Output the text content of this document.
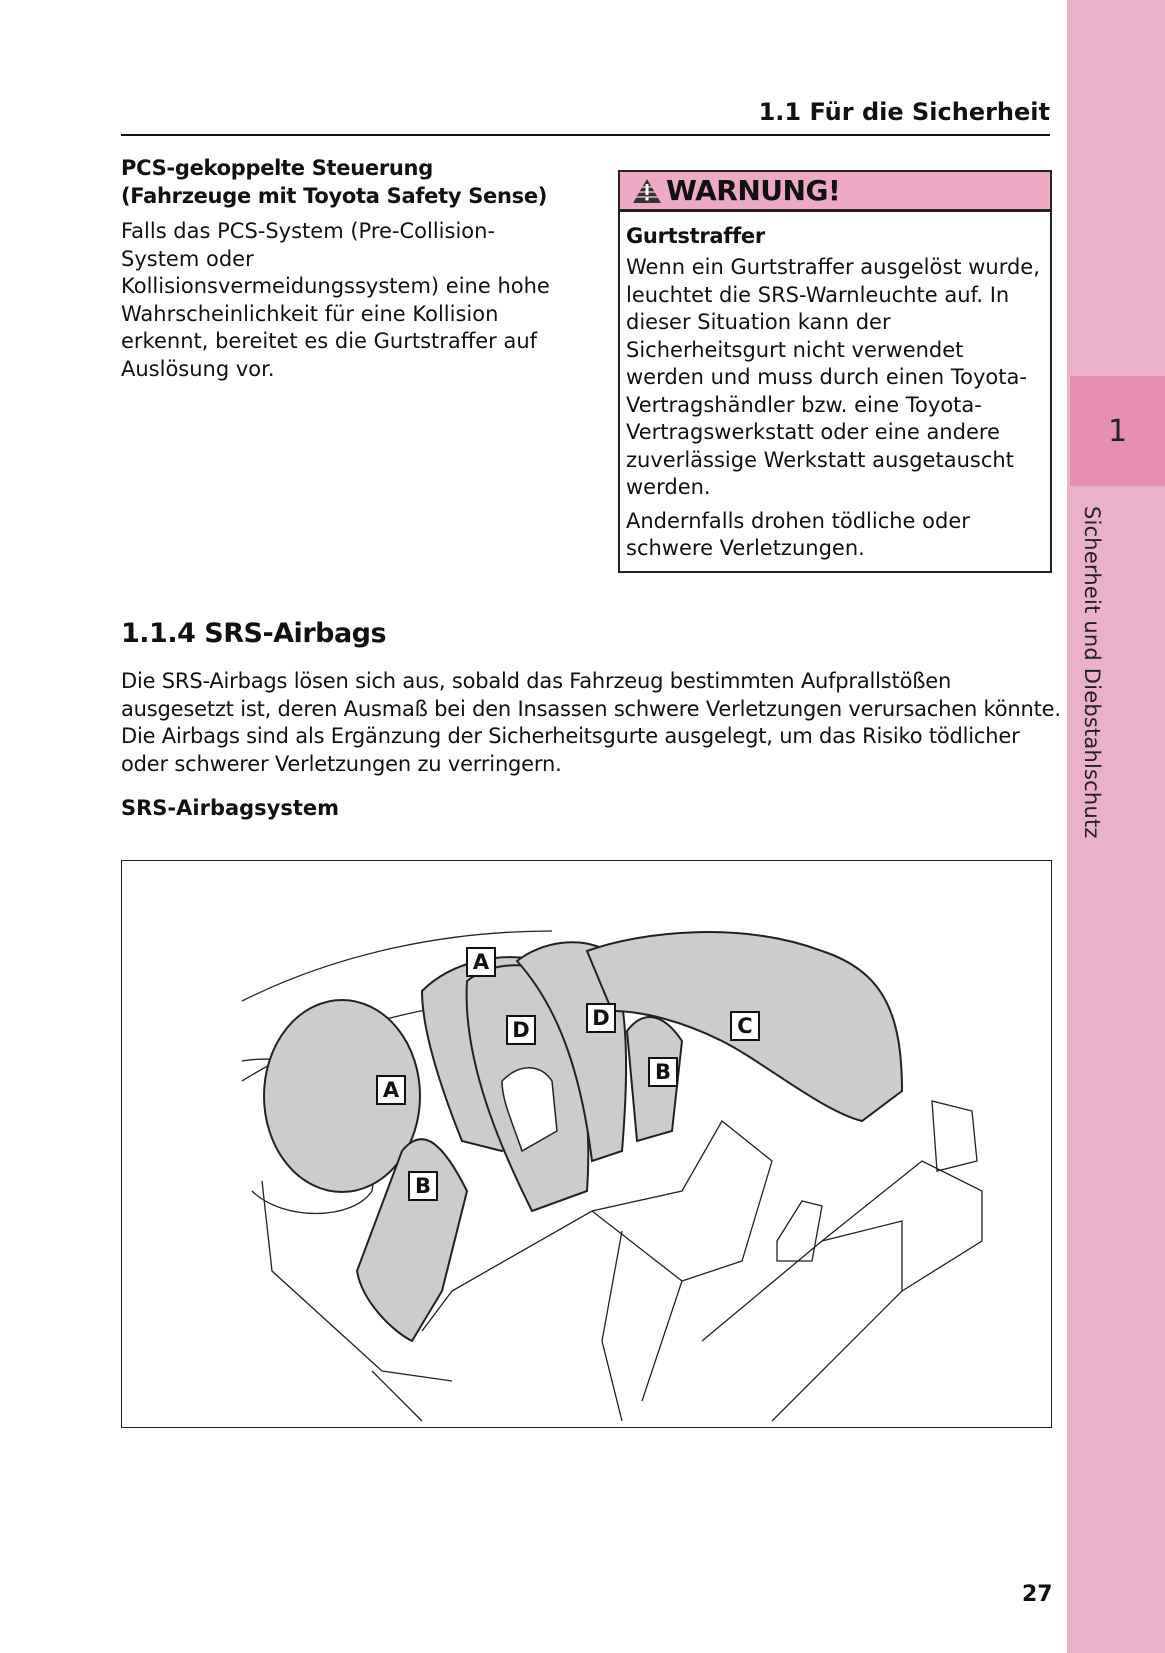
1
Sicherheit und Diebstahlschutz
1.1 Für die Sicherheit

PCS-gekoppelte Steuerung (Fahrzeuge mit Toyota Safety Sense)

Falls das PCS-System (Pre-Collision-System oder Kollisionsvermeidungssystem) eine hohe Wahrscheinlichkeit für eine Kollision erkennt, bereitet es die Gurtstraffer auf Auslösung vor.

WARNUNG!

Gurtstraffer

Wenn ein Gurtstraffer ausgelöst wurde, leuchtet die SRS-Warnleuchte auf. In dieser Situation kann der Sicherheitsgurt nicht verwendet werden und muss durch einen Toyota-Vertragshändler bzw. eine Toyota-Vertragswerkstatt oder eine andere zuverlässige Werkstatt ausgetauscht werden.

Andernfalls drohen tödliche oder schwere Verletzungen.

1.1.4 SRS-Airbags

Die SRS-Airbags lösen sich aus, sobald das Fahrzeug bestimmten Aufprallstößen ausgesetzt ist, deren Ausmaß bei den Insassen schwere Verletzungen verursachen könnte. Die Airbags sind als Ergänzung der Sicherheitsgurte ausgelegt, um das Risiko tödlicher oder schwerer Verletzungen zu verringern.

SRS-Airbagsystem
A
A
B
B
C
D	D
27
